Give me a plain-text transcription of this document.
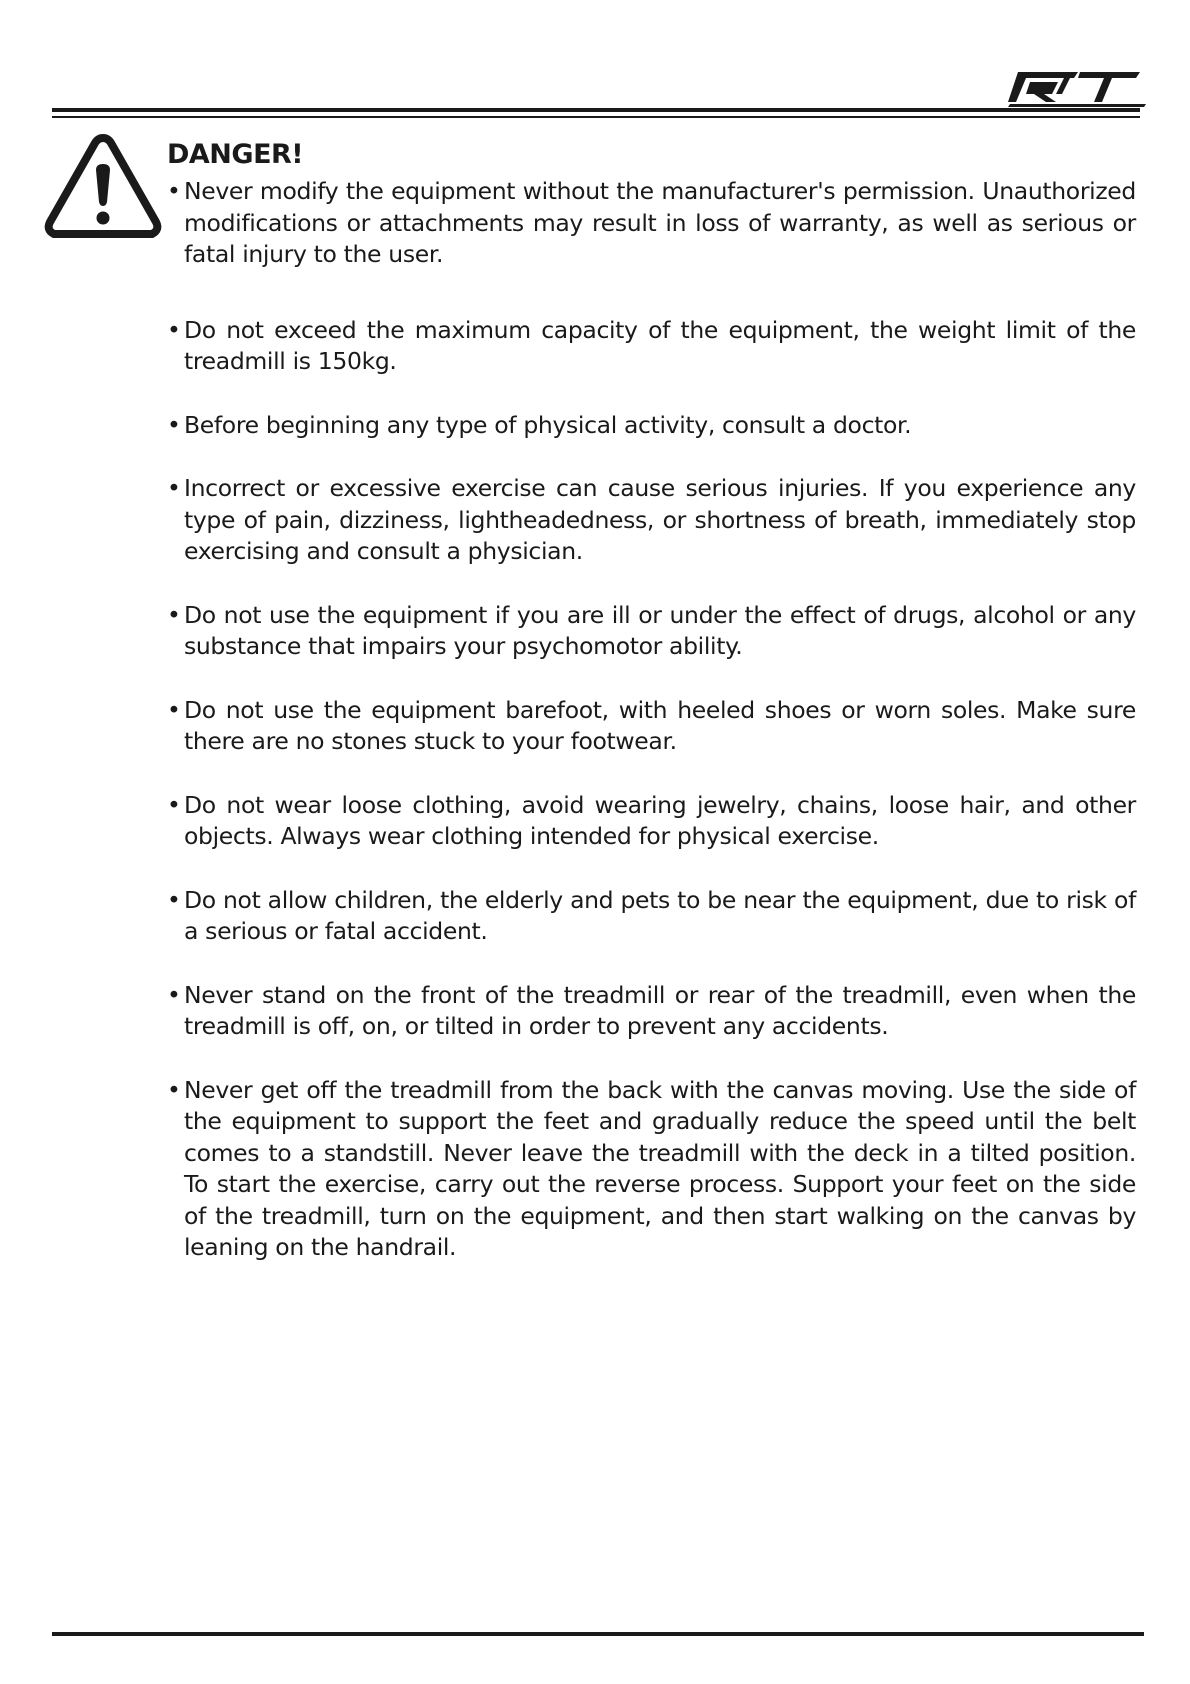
DANGER!
• Never modify the equipment without the manufacturer's permission. Unauthorized modifications or attachments may result in loss of warranty, as well as serious or fatal injury to the user.
• Do not exceed the maximum capacity of the equipment, the weight limit of the treadmill is 150kg.
• Before beginning any type of physical activity, consult a doctor.
• Incorrect or excessive exercise can cause serious injuries. If you experience any type of pain, dizziness, lightheadedness, or shortness of breath, immediately stop exercising and consult a physician.
• Do not use the equipment if you are ill or under the effect of drugs, alcohol or any substance that impairs your psychomotor ability.
• Do not use the equipment barefoot, with heeled shoes or worn soles. Make sure there are no stones stuck to your footwear.
• Do not wear loose clothing, avoid wearing jewelry, chains, loose hair, and other objects. Always wear clothing intended for physical exercise.
• Do not allow children, the elderly and pets to be near the equipment, due to risk of a serious or fatal accident.
• Never stand on the front of the treadmill or rear of the treadmill, even when the treadmill is off, on, or tilted in order to prevent any accidents.
• Never get off the treadmill from the back with the canvas moving. Use the side of the equipment to support the feet and gradually reduce the speed until the belt comes to a standstill. Never leave the treadmill with the deck in a tilted position. To start the exercise, carry out the reverse process. Support your feet on the side of the treadmill, turn on the equipment, and then start walking on the canvas by leaning on the handrail.
